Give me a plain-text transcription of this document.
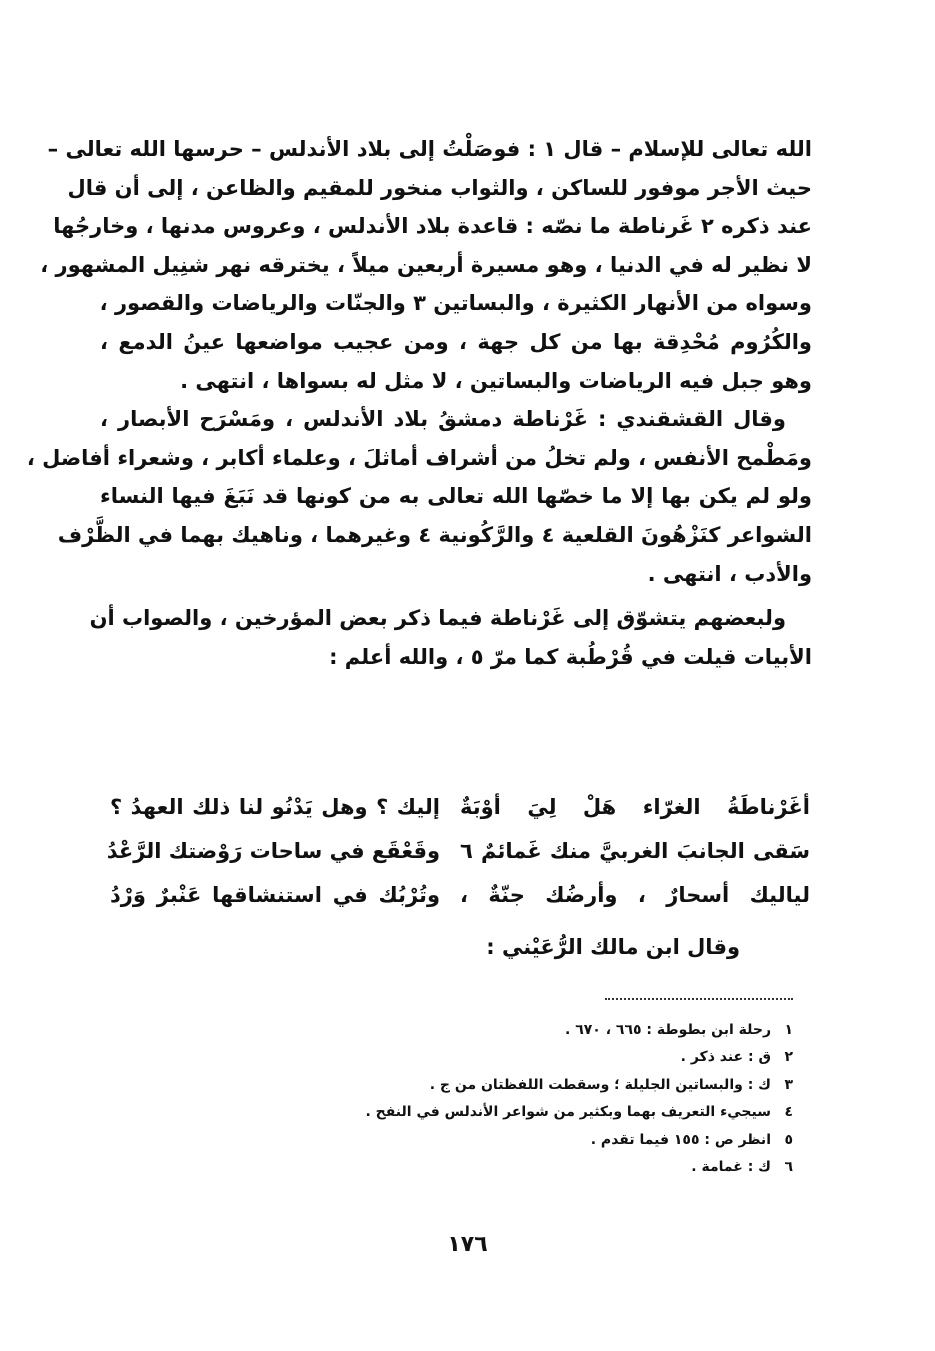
الله تعالى للإسلام – قال ١ : فوصَلْتُ إلى بلاد الأندلس – حرسها الله تعالى –
حيث الأجر موفور للساكن ، والثواب منخور للمقيم والظاعن ، إلى أن قال
عند ذكره ٢ غَرناطة ما نصّه : قاعدة بلاد الأندلس ، وعروس مدنها ، وخارجُها
لا نظير له في الدنيا ، وهو مسيرة أربعين ميلاً ، يخترقه نهر شنِيل المشهور ،
وسواه من الأنهار الكثيرة ، والبساتين ٣ والجنّات والرياضات والقصور ،
والكُرُوم مُحْدِقة بها من كل جهة ، ومن عجيب مواضعها عينُ الدمع ،
وهو جبل فيه الرياضات والبساتين ، لا مثل له بسواها ، انتهى .
وقال القشقندي : غَرْناطة دمشقُ بلاد الأندلس ، ومَسْرَح الأبصار ،
ومَطْمح الأنفس ، ولم تخلُ من أشراف أماثلَ ، وعلماء أكابر ، وشعراء أفاضل ،
ولو لم يكن بها إلا ما خصّها الله تعالى به من كونها قد نَبَغَ فيها النساء
الشواعر كنَزْهُونَ القلعية ٤ والرَّكُونية ٤ وغيرهما ، وناهيك بهما في الظَّرْف
والأدب ، انتهى .
ولبعضهم يتشوّق إلى غَرْناطة فيما ذكر بعض المؤرخين ، والصواب أن
الأبيات قيلت في قُرْطُبة كما مرّ ٥ ، والله أعلم :
أغَرْناطَةُ الغرّاء هَلْ لِيَ أوْبَةٌ
إليك ؟ وهل يَدْنُو لنا ذلك العهدُ ؟
سَقى الجانبَ الغربيَّ منك غَمائمٌ ٦
وقَعْقَع في ساحات رَوْضتك الرَّعْدُ
لياليك أسحارٌ ، وأرضُك جنّةٌ ،
وتُرْبُك في استنشاقها عَنْبرٌ وَرْدُ
وقال ابن مالك الرُّعَيْني :
١
رحلة ابن بطوطة : ٦٦٥ ، ٦٧٠ .
٢
ق : عند ذكر .
٣
ك : والبساتين الجليلة ؛ وسقطت اللفظتان من ج .
٤
سيجيء التعريف بهما وبكثير من شواعر الأندلس في النفح .
٥
انظر ص : ١٥٥ فيما تقدم .
٦
ك : غمامة .
١٧٦
